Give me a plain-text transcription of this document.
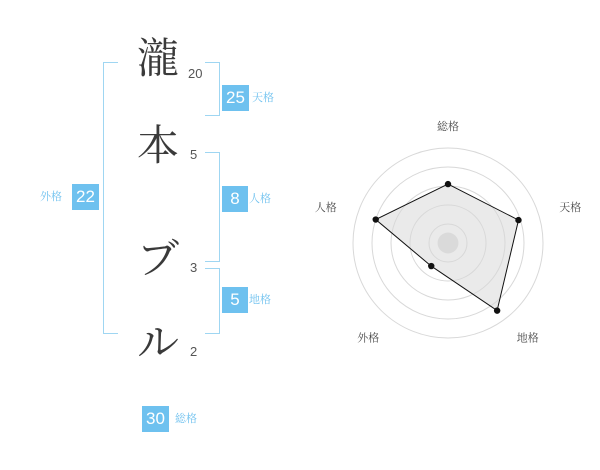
瀧 20
本 5
ブ 3
ル 2
25 天格
8 人格
5 地格
22
外格
30 総格
総格
天格
地格
外格
人格
